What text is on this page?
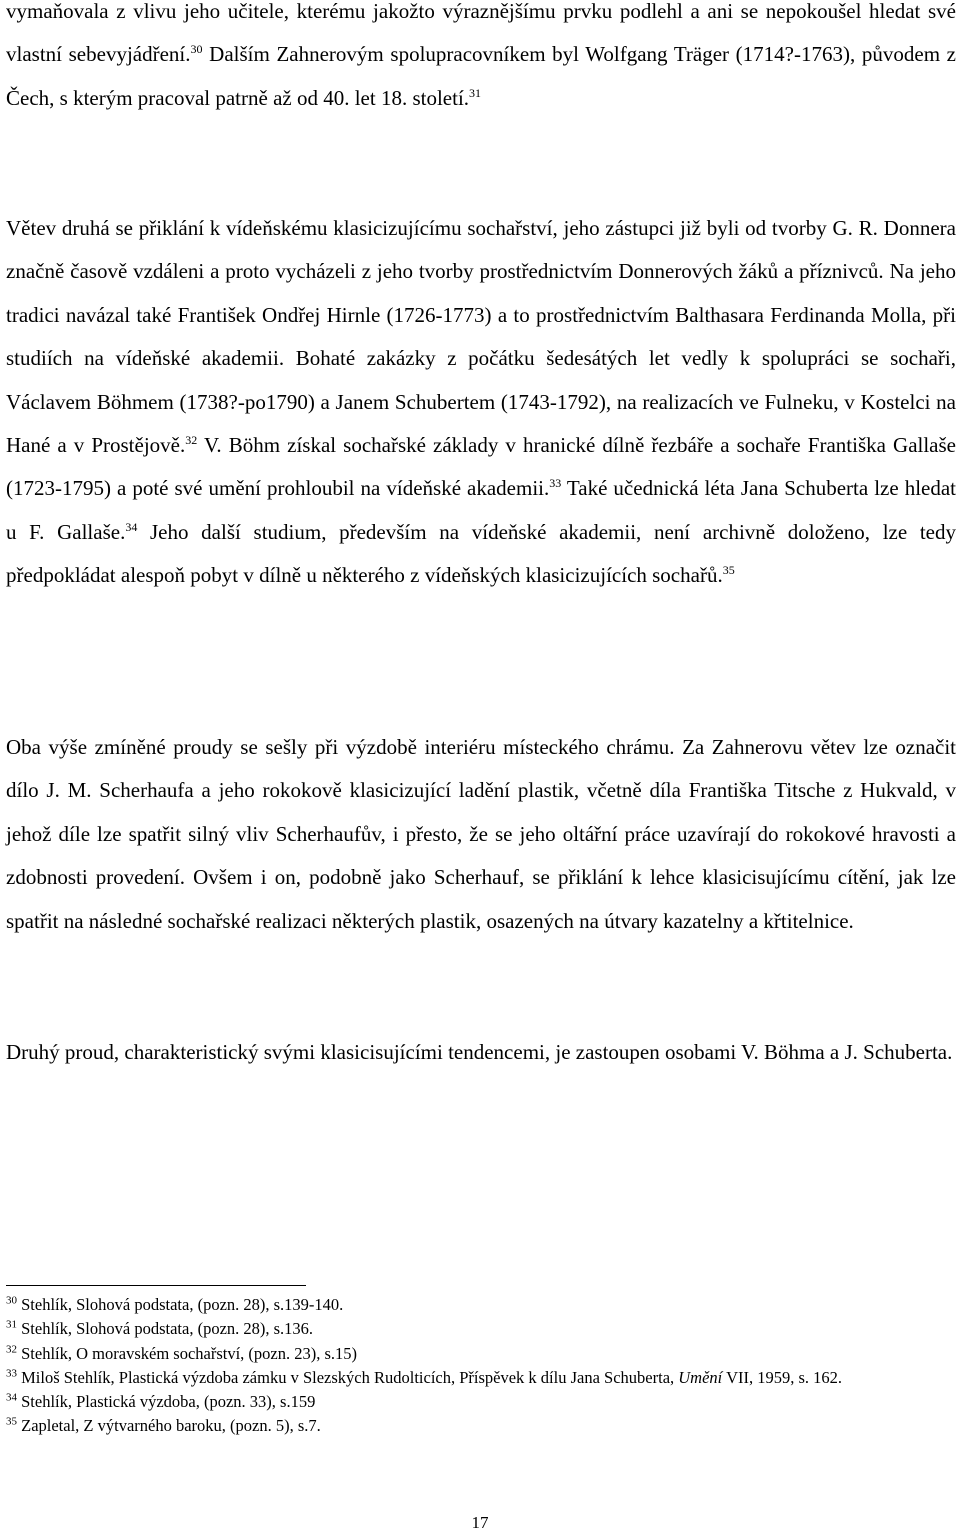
vymaňovala z vlivu jeho učitele, kterému jakožto výraznějšímu prvku podlehl a ani se nepokoušel hledat své vlastní sebevyjádření.$^{30}$ Dalším Zahnerovým spolupracovníkem byl Wolfgang Träger (1714?-1763), původem z Čech, s kterým pracoval patrně až od 40. let 18. století.$^{31}$

Větev druhá se přiklání k vídeňskému klasicizujícímu sochařství, jeho zástupci již byli od tvorby G. R. Donnera značně časově vzdáleni a proto vycházeli z jeho tvorby prostřednictvím Donnerových žáků a příznivců. Na jeho tradici navázal také František Ondřej Hirnle (1726-1773) a to prostřednictvím Balthasara Ferdinanda Molla, při studiích na vídeňské akademii. Bohaté zakázky z počátku šedesátých let vedly k spolupráci se sochaři, Václavem Böhmem (1738?-po1790) a Janem Schubertem (1743-1792), na realizacích ve Fulneku, v Kostelci na Hané a v Prostějově.$^{32}$ V. Böhm získal sochařské základy v hranické dílně řezbáře a sochaře Františka Gallaše (1723-1795) a poté své umění prohloubil na vídeňské akademii.$^{33}$ Také učednická léta Jana Schuberta lze hledat u F. Gallaše.$^{34}$ Jeho další studium, především na vídeňské akademii, není archivně doloženo, lze tedy předpokládat alespoň pobyt v dílně u některého z vídeňských klasicizujících sochařů.$^{35}$

Oba výše zmíněné proudy se sešly při výzdobě interiéru místeckého chrámu. Za Zahnerovu větev lze označit dílo J. M. Scherhaufa a jeho rokokově klasicizující ladění plastik, včetně díla Františka Titsche z Hukvald, v jehož díle lze spatřit silný vliv Scherhaufův, i přesto, že se jeho oltářní práce uzavírají do rokokové hravosti a zdobnosti provedení. Ovšem i on, podobně jako Scherhauf, se přiklání k lehce klasicisujícímu cítění, jak lze spatřit na následné sochařské realizaci některých plastik, osazených na útvary kazatelny a křtitelnice.

Druhý proud, charakteristický svými klasicisujícími tendencemi, je zastoupen osobami V. Böhma a J. Schuberta.

$^{30}$ Stehlík, Slohová podstata, (pozn. 28), s.139-140.

$^{31}$ Stehlík, Slohová podstata, (pozn. 28), s.136.

$^{32}$ Stehlík, O moravském sochařství, (pozn. 23), s.15)

$^{33}$ Miloš Stehlík, Plastická výzdoba zámku v Slezských Rudolticích, Příspěvek k dílu Jana Schuberta, Umění VII, 1959, s. 162.

$^{34}$ Stehlík, Plastická výzdoba, (pozn. 33), s.159

$^{35}$ Zapletal, Z výtvarného baroku, (pozn. 5), s.7.

17
